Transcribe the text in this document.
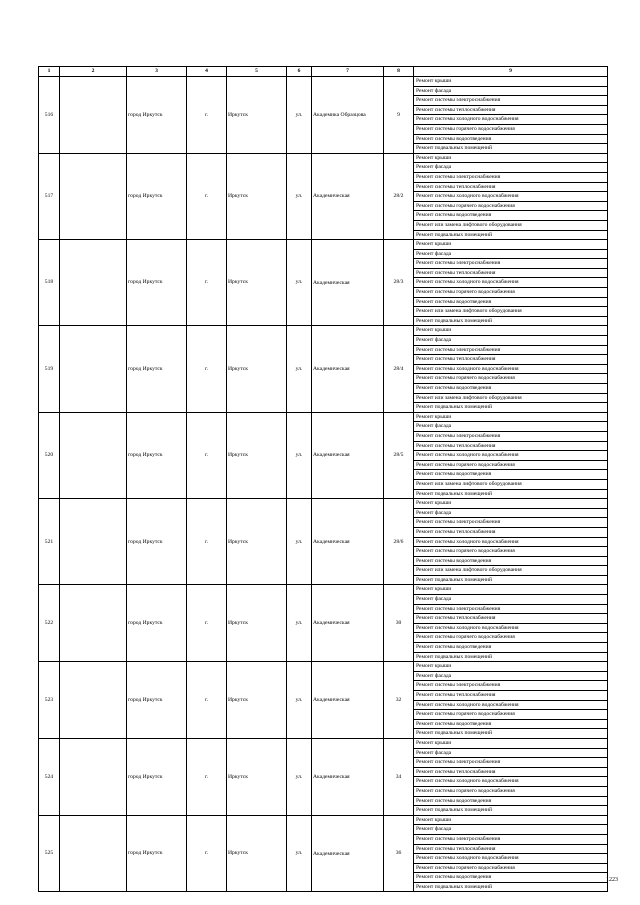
1	2	3	4	5	6	7	8	9
516		город Иркутск	г.	Иркутск	ул.	Академика Образцова	9	Ремонт крыши
								Ремонт фасада
								Ремонт системы электроснабжения
								Ремонт системы теплоснабжения
								Ремонт системы холодного водоснабжения
								Ремонт системы горячего водоснабжения
								Ремонт системы водоотведения
								Ремонт подвальных помещений
517		город Иркутск	г.	Иркутск	ул.	Академическая	28/2	Ремонт крыши
								Ремонт фасада
								Ремонт системы электроснабжения
								Ремонт системы теплоснабжения
								Ремонт системы холодного водоснабжения
								Ремонт системы горячего водоснабжения
								Ремонт системы водоотведения
								Ремонт или замена лифтового оборудования
								Ремонт подвальных помещений
518		город Иркутск	г.	Иркутск	ул.	Академическая	28/3	Ремонт крыши
								Ремонт фасада
								Ремонт системы электроснабжения
								Ремонт системы теплоснабжения
								Ремонт системы холодного водоснабжения
								Ремонт системы горячего водоснабжения
								Ремонт системы водоотведения
								Ремонт или замена лифтового оборудования
								Ремонт подвальных помещений
519		город Иркутск	г.	Иркутск	ул.	Академическая	28/4	Ремонт крыши
								Ремонт фасада
								Ремонт системы электроснабжения
								Ремонт системы теплоснабжения
								Ремонт системы холодного водоснабжения
								Ремонт системы горячего водоснабжения
								Ремонт системы водоотведения
								Ремонт или замена лифтового оборудования
								Ремонт подвальных помещений
520		город Иркутск	г.	Иркутск	ул.	Академическая	28/5	Ремонт крыши
								Ремонт фасада
								Ремонт системы электроснабжения
								Ремонт системы теплоснабжения
								Ремонт системы холодного водоснабжения
								Ремонт системы горячего водоснабжения
								Ремонт системы водоотведения
								Ремонт или замена лифтового оборудования
								Ремонт подвальных помещений
521		город Иркутск	г.	Иркутск	ул.	Академическая	28/6	Ремонт крыши
								Ремонт фасада
								Ремонт системы электроснабжения
								Ремонт системы теплоснабжения
								Ремонт системы холодного водоснабжения
								Ремонт системы горячего водоснабжения
								Ремонт системы водоотведения
								Ремонт или замена лифтового оборудования
								Ремонт подвальных помещений
522		город Иркутск	г.	Иркутск	ул.	Академическая	30	Ремонт крыши
								Ремонт фасада
								Ремонт системы электроснабжения
								Ремонт системы теплоснабжения
								Ремонт системы холодного водоснабжения
								Ремонт системы горячего водоснабжения
								Ремонт системы водоотведения
								Ремонт подвальных помещений
523		город Иркутск	г.	Иркутск	ул.	Академическая	32	Ремонт крыши
								Ремонт фасада
								Ремонт системы электроснабжения
								Ремонт системы теплоснабжения
								Ремонт системы холодного водоснабжения
								Ремонт системы горячего водоснабжения
								Ремонт системы водоотведения
								Ремонт подвальных помещений
524		город Иркутск	г.	Иркутск	ул.	Академическая	34	Ремонт крыши
								Ремонт фасада
								Ремонт системы электроснабжения
								Ремонт системы теплоснабжения
								Ремонт системы холодного водоснабжения
								Ремонт системы горячего водоснабжения
								Ремонт системы водоотведения
								Ремонт подвальных помещений
525		город Иркутск	г.	Иркутск	ул.	Академическая	36	Ремонт крыши
								Ремонт фасада
								Ремонт системы электроснабжения
								Ремонт системы теплоснабжения
								Ремонт системы холодного водоснабжения
								Ремонт системы горячего водоснабжения
								Ремонт системы водоотведения
								Ремонт подвальных помещений
1223
